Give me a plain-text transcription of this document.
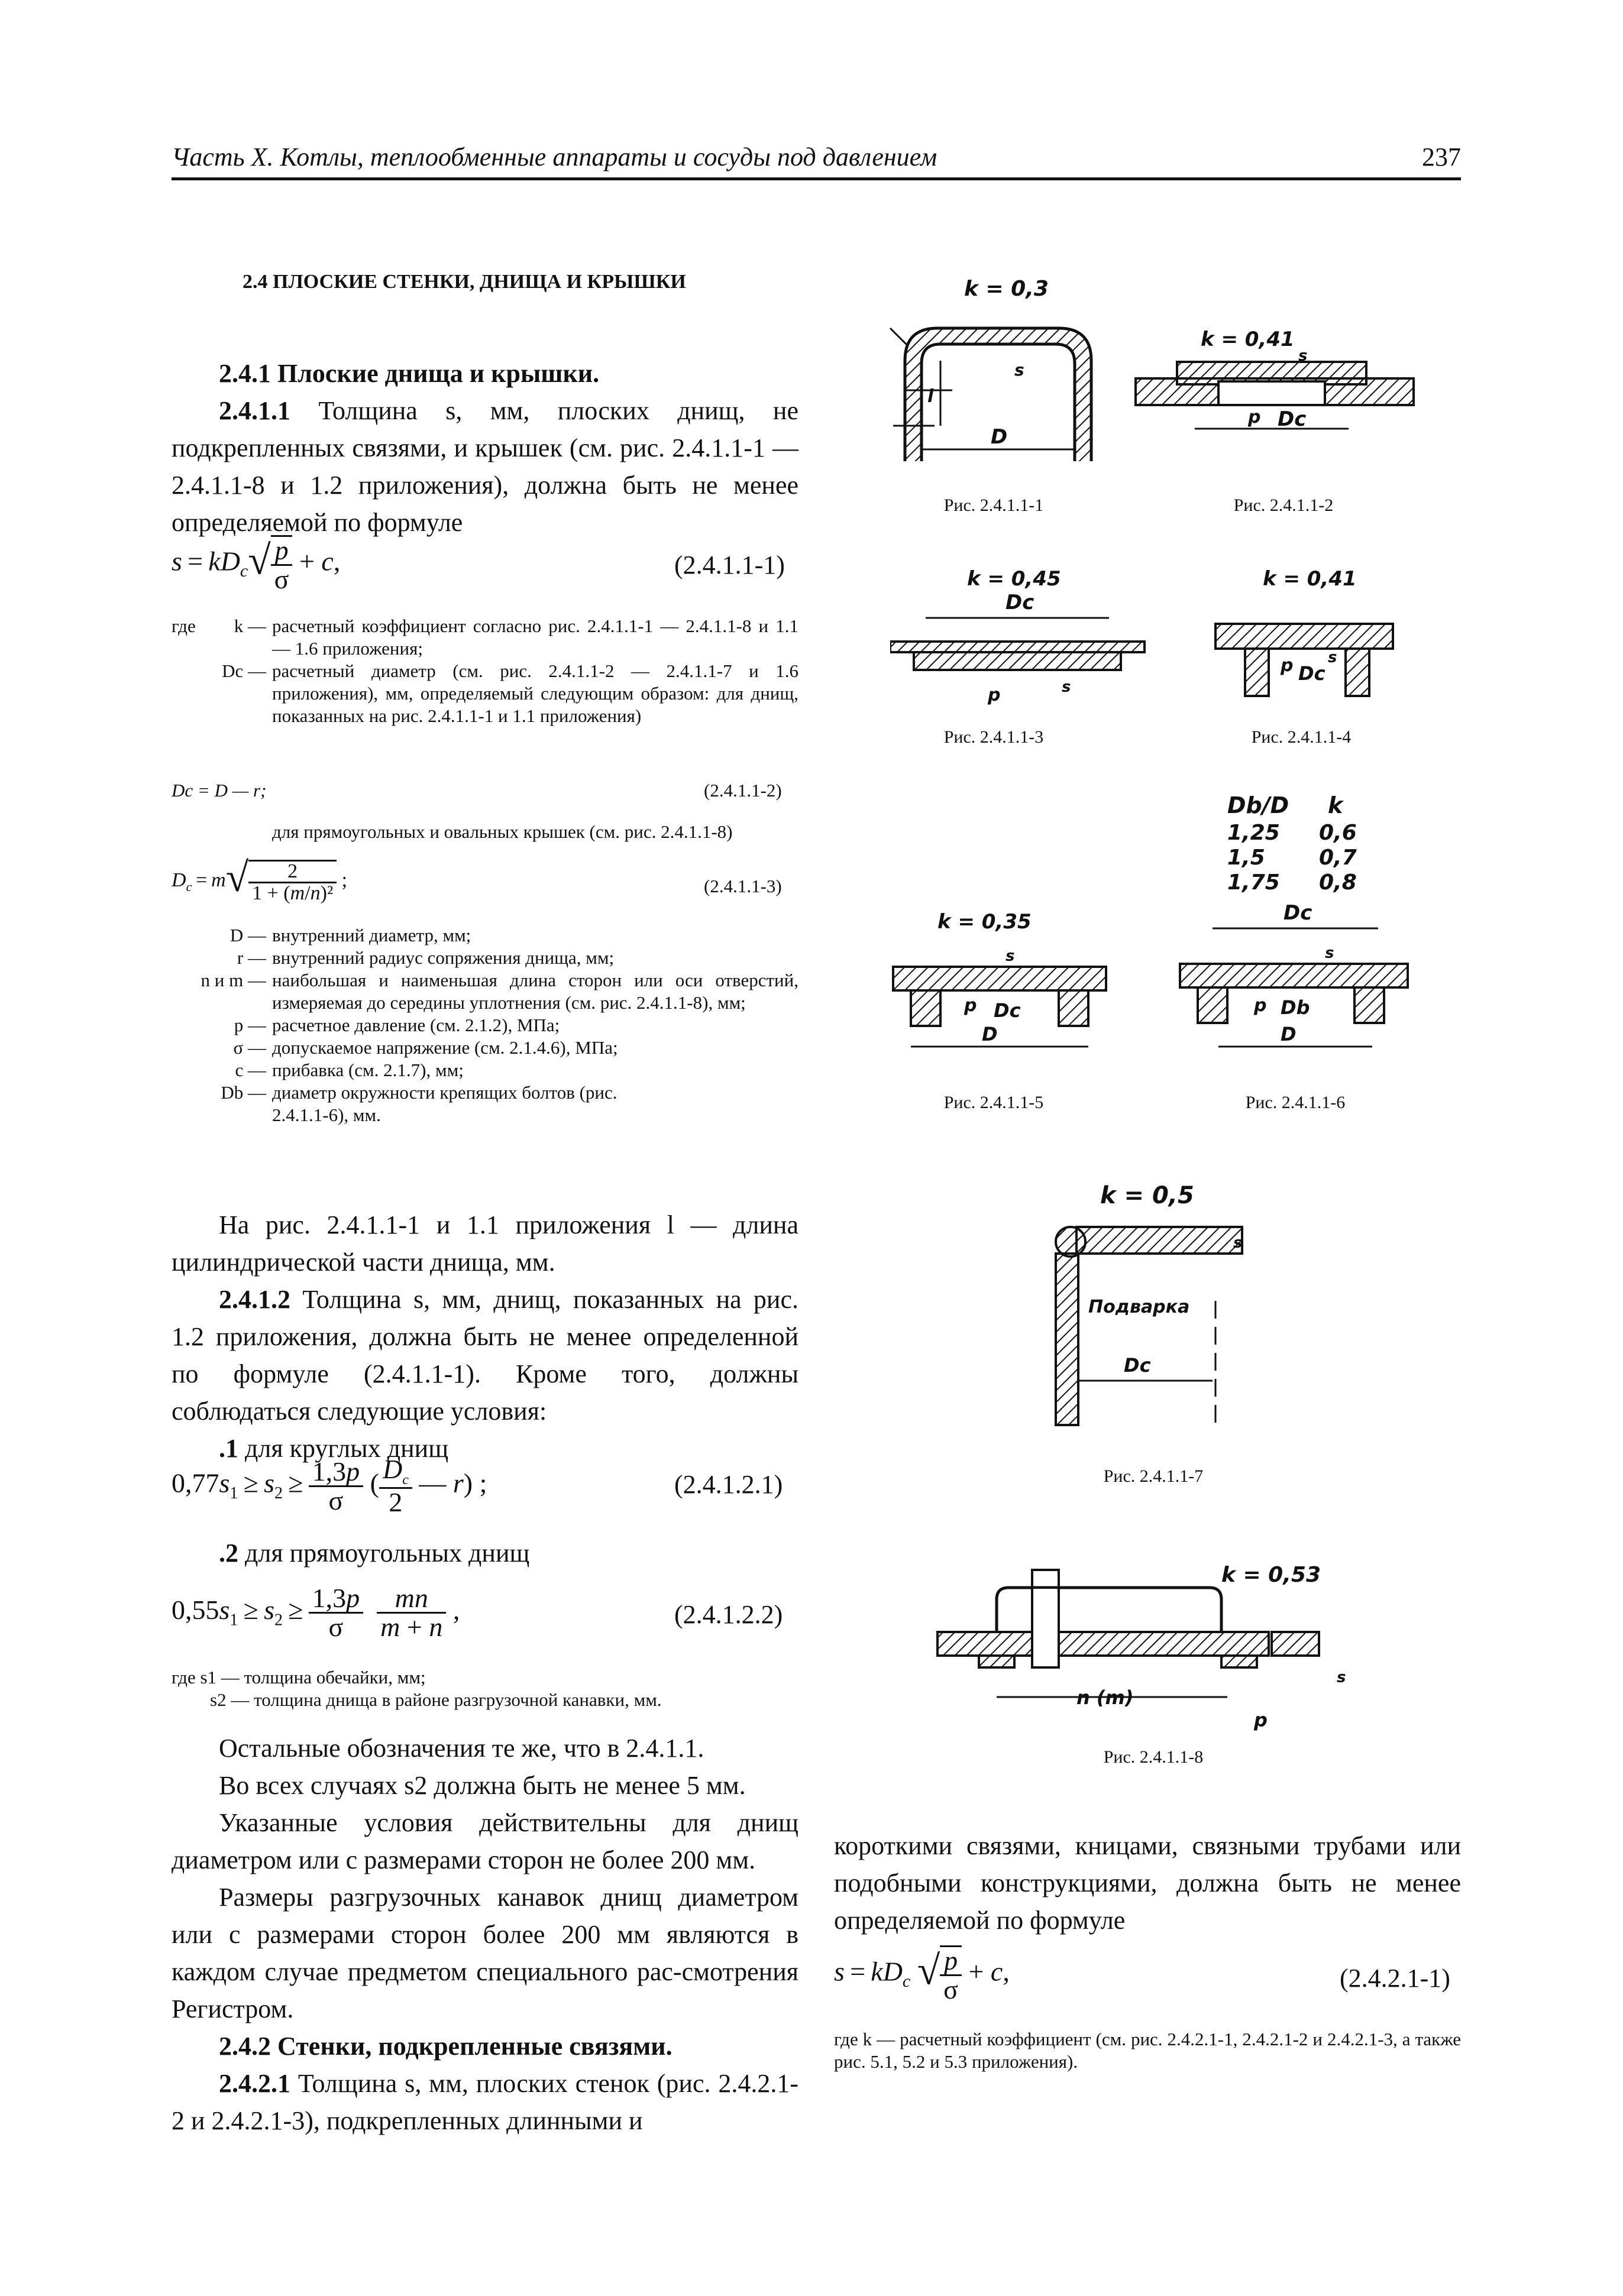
Часть X. Котлы, теплообменные аппараты и сосуды под давлением	237
2.4 ПЛОСКИЕ СТЕНКИ, ДНИЩА И КРЫШКИ

2.4.1 Плоские днища и крышки.

2.4.1.1 Толщина s, мм, плоских днищ, не подкрепленных связями, и крышек (см. рис. 2.4.1.1-1 — 2.4.1.1-8 и 1.2 приложения), должна быть не менее определяемой по формуле

$s = kD_c√ \frac{p}{\sigma} + c$,	(2.4.1.1-1)
где	k — расчетный коэффициент согласно рис. 2.4.1.1-1 — 2.4.1.1-8 и 1.1 — 1.6 приложения;
Dc — расчетный диаметр (см. рис. 2.4.1.1-2 — 2.4.1.1-7 и 1.6 приложения), мм, определяемый следующим образом: для днищ, показанных на рис. 2.4.1.1-1 и 1.1 приложения)
Dc = D — r;	(2.4.1.1-2)
для прямоугольных и овальных крышек (см. рис. 2.4.1.1-8)
$D_c = m√ \frac{2}{\text{1 + (m/n)²}}$ ;	(2.4.1.1-3)
D — внутренний диаметр, мм;
r — внутренний радиус сопряжения днища, мм;
n и m — наибольшая и наименьшая длина сторон или оси отверстий, измеряемая до середины уплотнения (см. рис. 2.4.1.1-8), мм;
p — расчетное давление (см. 2.1.2), МПа;
σ — допускаемое напряжение (см. 2.1.4.6), МПа;
c — прибавка (см. 2.1.7), мм;
Db — диаметр окружности крепящих болтов (рис. 2.4.1.1-6), мм.

На рис. 2.4.1.1-1 и 1.1 приложения l — длина цилиндрической части днища, мм.

2.4.1.2 Толщина s, мм, днищ, показанных на рис. 1.2 приложения, должна быть не менее определенной по формуле (2.4.1.1-1). Кроме того, должны соблюдаться следующие условия:

.1 для круглых днищ

$0,77s_1 \ge s_2 \ge \frac{1,3p}{\sigma}$ ( $\frac{D_c}{2}$ — r) ;	(2.4.1.2.1)

.2 для прямоугольных днищ

$0,55s_1 \ge s_2 \ge \frac{1,3p}{\sigma}$
$\frac{mn}{m + n}$ ,	(2.4.1.2.2)
где s1 — толщина обечайки, мм;
s2 — толщина днища в районе разгрузочной канавки, мм.

Остальные обозначения те же, что в 2.4.1.1.

Во всех случаях s2 должна быть не менее 5 мм.

Указанные условия действительны для днищ диаметром или с размерами сторон не более 200 мм.

Размеры разгрузочных канавок днищ диаметром или с размерами сторон более 200 мм являются в каждом случае предметом специального рас-смотрения Регистром.

2.4.2 Стенки, подкрепленные связями.

2.4.2.1 Толщина s, мм, плоских стенок (рис. 2.4.2.1-2 и 2.4.2.1-3), подкрепленных длинными и

короткими связями, кницами, связными трубами или подобными конструкциями, должна быть не менее определяемой по формуле

$s = kD_c$ √ $\frac{p}{\sigma} + c$,	(2.4.2.1-1)
где k — расчетный коэффициент (см. рис. 2.4.2.1-1, 2.4.2.1-2 и 2.4.2.1-3, а также рис. 5.1, 5.2 и 5.3 приложения).
k = 0,3
l
D
s
Рис. 2.4.1.1-1
k = 0,41
p Dc
s
Рис. 2.4.1.1-2
k = 0,45
Dc
p	s
Рис. 2.4.1.1-3
k = 0,41
p Dc
s
Рис. 2.4.1.1-4
k = 0,35
p Dc
D
s
Рис. 2.4.1.1-5
Db/D k
1,25 0,6
1,5	0,7
1,75 0,8
Dc
p Db
D
s
Рис. 2.4.1.1-6
k = 0,5
Подварка
Dc
s
Рис. 2.4.1.1-7
k = 0,53
n (m)
p
s
Рис. 2.4.1.1-8
